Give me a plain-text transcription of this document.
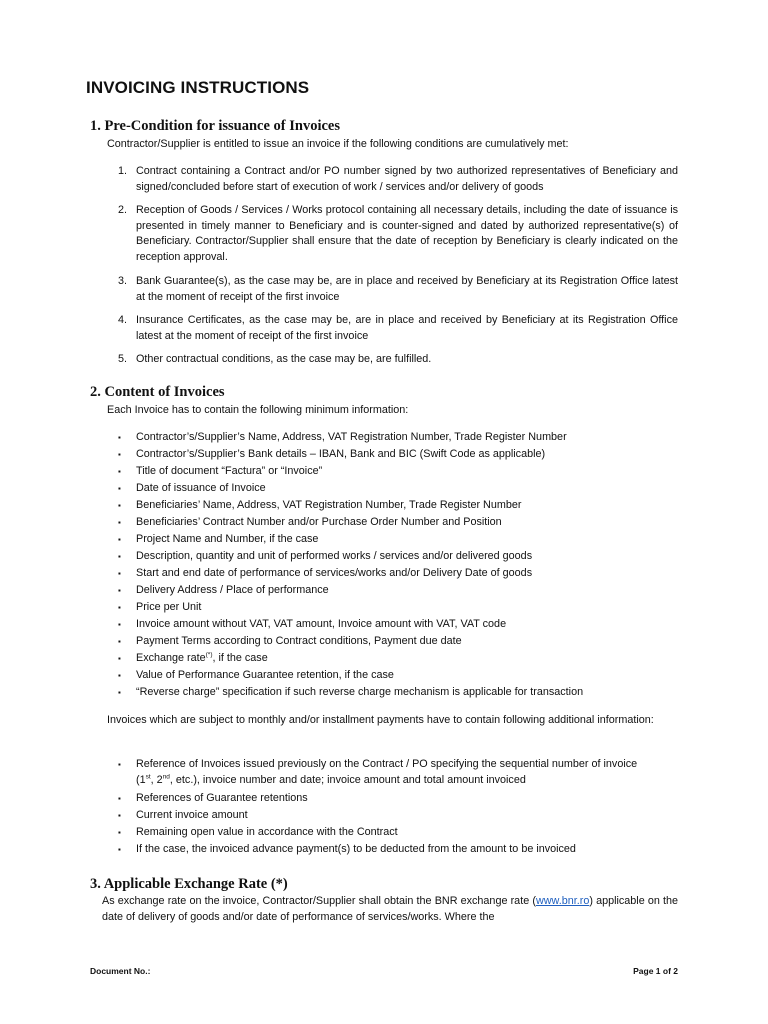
INVOICING INSTRUCTIONS
1. Pre-Condition for issuance of Invoices
Contractor/Supplier is entitled to issue an invoice if the following conditions are cumulatively met:
1. Contract containing a Contract and/or PO number signed by two authorized representatives of Beneficiary and signed/concluded before start of execution of work / services and/or delivery of goods
2. Reception of Goods / Services / Works protocol containing all necessary details, including the date of issuance is presented in timely manner to Beneficiary and is counter-signed and dated by authorized representative(s) of Beneficiary. Contractor/Supplier shall ensure that the date of reception by Beneficiary is clearly indicated on the reception approval.
3. Bank Guarantee(s), as the case may be, are in place and received by Beneficiary at its Registration Office latest at the moment of receipt of the first invoice
4. Insurance Certificates, as the case may be, are in place and received by Beneficiary at its Registration Office latest at the moment of receipt of the first invoice
5. Other contractual conditions, as the case may be, are fulfilled.
2. Content of Invoices
Each Invoice has to contain the following minimum information:
▪ Contractor’s/Supplier’s Name, Address, VAT Registration Number, Trade Register Number
▪ Contractor’s/Supplier’s Bank details – IBAN, Bank and BIC (Swift Code as applicable)
▪ Title of document “Factura” or “Invoice”
▪ Date of issuance of Invoice
▪ Beneficiaries’ Name, Address, VAT Registration Number, Trade Register Number
▪ Beneficiaries’ Contract Number and/or Purchase Order Number and Position
▪ Project Name and Number, if the case
▪ Description, quantity and unit of performed works / services and/or delivered goods
▪ Start and end date of performance of services/works and/or Delivery Date of goods
▪ Delivery Address / Place of performance
▪ Price per Unit
▪ Invoice amount without VAT, VAT amount, Invoice amount with VAT, VAT code
▪ Payment Terms according to Contract conditions, Payment due date
▪ Exchange rate(*), if the case
▪ Value of Performance Guarantee retention, if the case
▪ “Reverse charge” specification if such reverse charge mechanism is applicable for transaction
Invoices which are subject to monthly and/or installment payments have to contain following additional information:
▪ Reference of Invoices issued previously on the Contract / PO specifying the sequential number of invoice
(1st, 2nd, etc.), invoice number and date; invoice amount and total amount invoiced
▪ References of Guarantee retentions
▪ Current invoice amount
▪ Remaining open value in accordance with the Contract
▪ If the case, the invoiced advance payment(s) to be deducted from the amount to be invoiced
3. Applicable Exchange Rate (*)
As exchange rate on the invoice, Contractor/Supplier shall obtain the BNR exchange rate (www.bnr.ro) applicable on the date of delivery of goods and/or date of performance of services/works. Where the
Document No.:	Page 1 of 2
